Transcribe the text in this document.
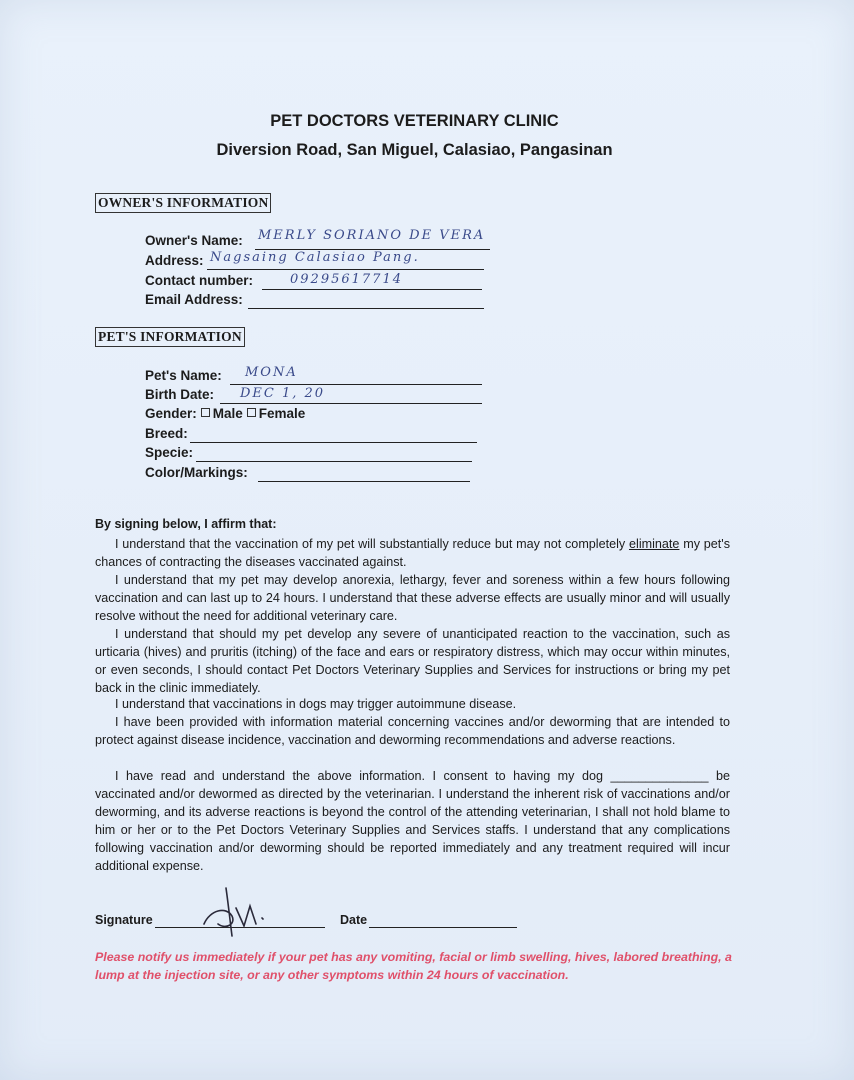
PET DOCTORS VETERINARY CLINIC
Diversion Road, San Miguel, Calasiao, Pangasinan
OWNER'S INFORMATION
Owner's Name: MERLY SORIANO DE VERA
Address: Nagsaing Calasiao Pang.
Contact number:	09295617714
Email Address:
PET'S INFORMATION
Pet's Name: MONA
Birth Date: DEC 1, 20
Gender: Male Female
Breed:
Specie:
Color/Markings:
By signing below, I affirm that:
I understand that the vaccination of my pet will substantially reduce but may not completely eliminate my pet's chances of contracting the diseases vaccinated against.
I understand that my pet may develop anorexia, lethargy, fever and soreness within a few hours following vaccination and can last up to 24 hours. I understand that these adverse effects are usually minor and will usually resolve without the need for additional veterinary care.
I understand that should my pet develop any severe of unanticipated reaction to the vaccination, such as urticaria (hives) and pruritis (itching) of the face and ears or respiratory distress, which may occur within minutes, or even seconds, I should contact Pet Doctors Veterinary Supplies and Services for instructions or bring my pet back in the clinic immediately.
I understand that vaccinations in dogs may trigger autoimmune disease.
I have been provided with information material concerning vaccines and/or deworming that are intended to protect against disease incidence, vaccination and deworming recommendations and adverse reactions.
I have read and understand the above information. I consent to having my dog ______________ be vaccinated and/or dewormed as directed by the veterinarian. I understand the inherent risk of vaccinations and/or deworming, and its adverse reactions is beyond the control of the attending veterinarian, I shall not hold blame to him or her or to the Pet Doctors Veterinary Supplies and Services staffs. I understand that any complications following vaccination and/or deworming should be reported immediately and any treatment required will incur additional expense.
Signature	Date
Please notify us immediately if your pet has any vomiting, facial or limb swelling, hives, labored breathing, a lump at the injection site, or any other symptoms within 24 hours of vaccination.
